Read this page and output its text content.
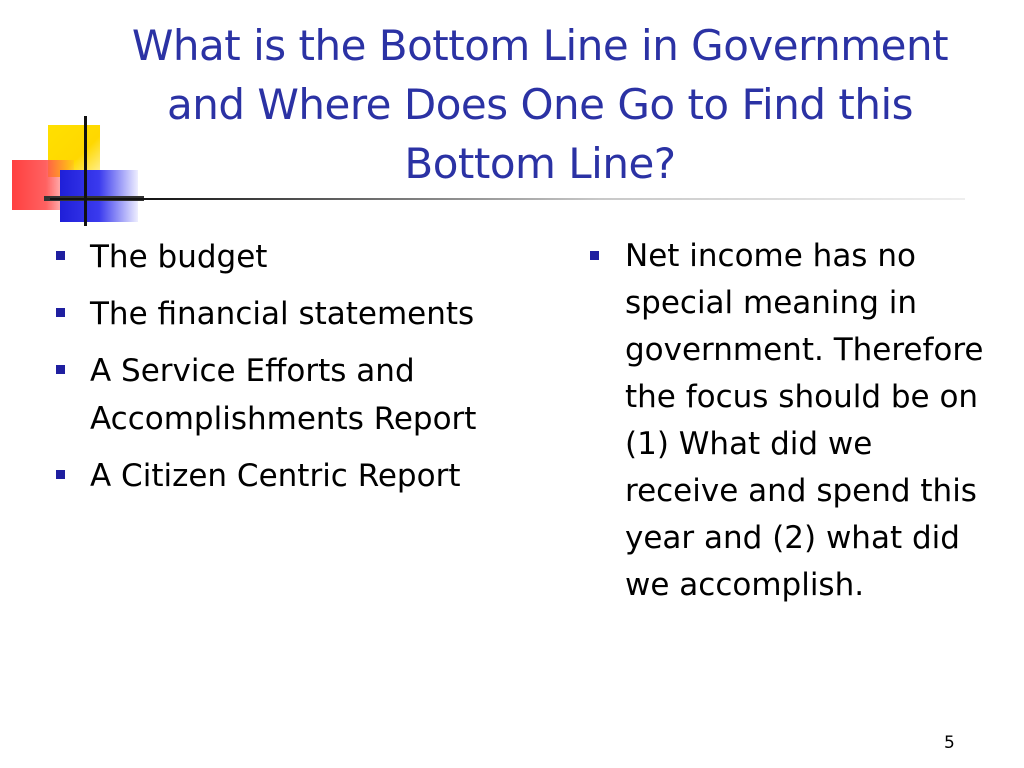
What is the Bottom Line in Government and Where Does One Go to Find this Bottom Line?
The budget
The financial statements
A Service Efforts and Accomplishments Report
A Citizen Centric Report
Net income has no special meaning in government. Therefore the focus should be on (1) What did we receive and spend this year and (2) what did we accomplish.
5
